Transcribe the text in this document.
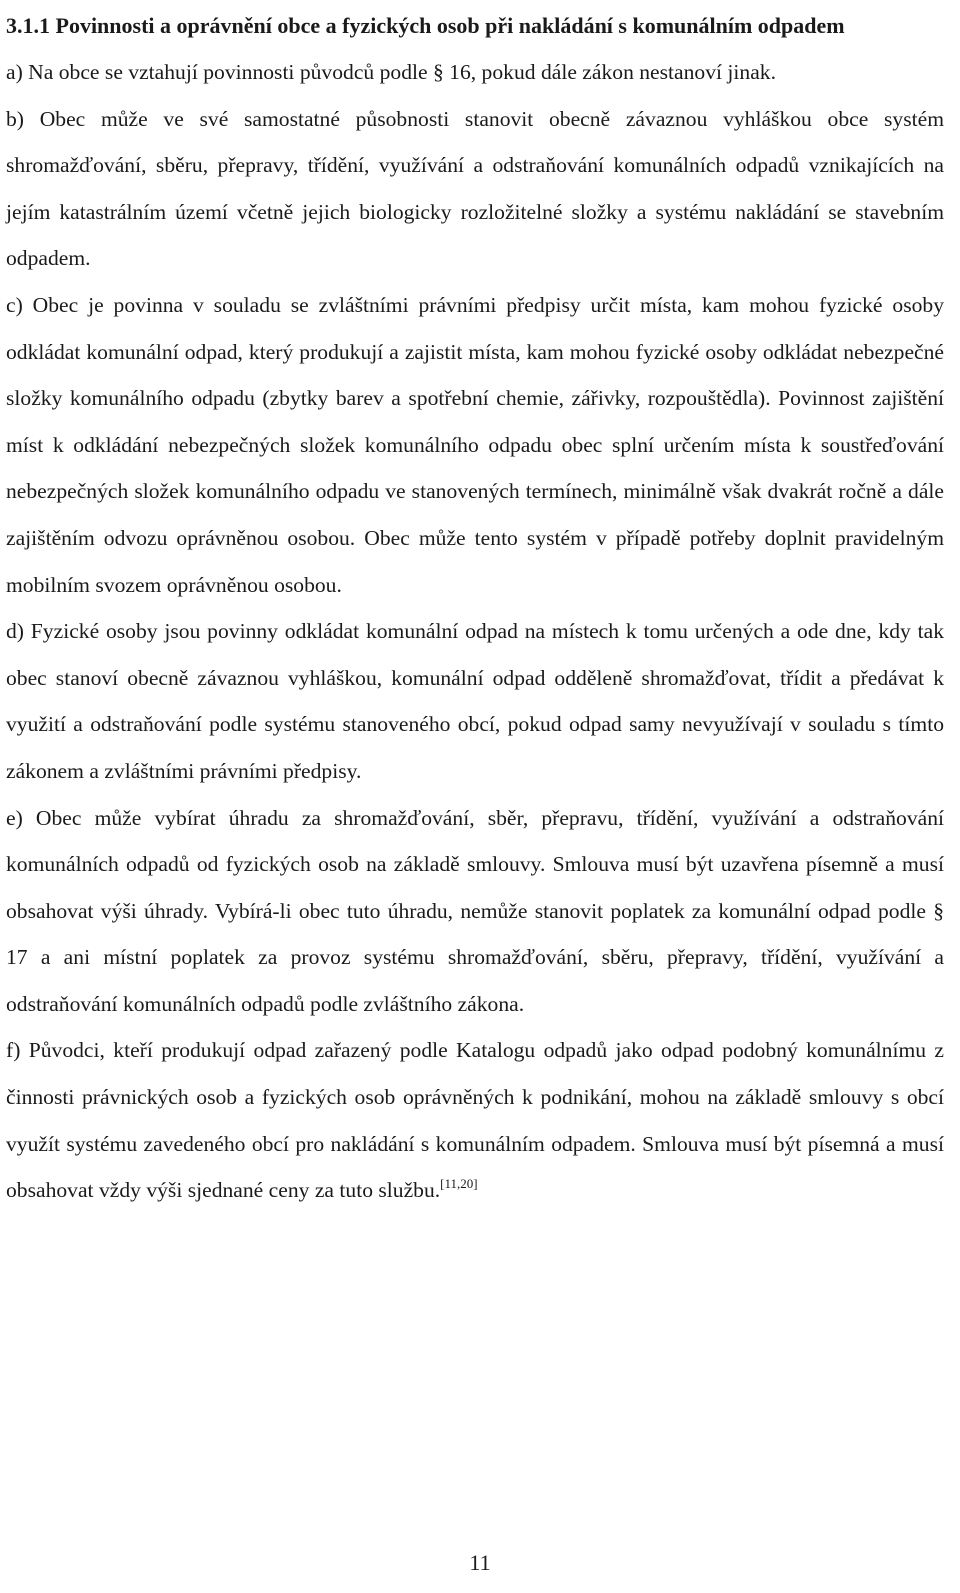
3.1.1 Povinnosti a oprávnění obce a fyzických osob při nakládání s komunálním odpadem

a) Na obce se vztahují povinnosti původců podle § 16, pokud dále zákon nestanoví jinak.

b) Obec může ve své samostatné působnosti stanovit obecně závaznou vyhláškou obce systém shromažďování, sběru, přepravy, třídění, využívání a odstraňování komunálních odpadů vznikajících na jejím katastrálním území včetně jejich biologicky rozložitelné složky a systému nakládání se stavebním odpadem.

c) Obec je povinna v souladu se zvláštními právními předpisy určit místa, kam mohou fyzické osoby odkládat komunální odpad, který produkují a zajistit místa, kam mohou fyzické osoby odkládat nebezpečné složky komunálního odpadu (zbytky barev a spotřební chemie, zářivky, rozpouštědla). Povinnost zajištění míst k odkládání nebezpečných složek komunálního odpadu obec splní určením místa k soustřeďování nebezpečných složek komunálního odpadu ve stanovených termínech, minimálně však dvakrát ročně a dále zajištěním odvozu oprávněnou osobou. Obec může tento systém v případě potřeby doplnit pravidelným mobilním svozem oprávněnou osobou.

d) Fyzické osoby jsou povinny odkládat komunální odpad na místech k tomu určených a ode dne, kdy tak obec stanoví obecně závaznou vyhláškou, komunální odpad odděleně shromažďovat, třídit a předávat k využití a odstraňování podle systému stanoveného obcí, pokud odpad samy nevyužívají v souladu s tímto zákonem a zvláštními právními předpisy.

e) Obec může vybírat úhradu za shromažďování, sběr, přepravu, třídění, využívání a odstraňování komunálních odpadů od fyzických osob na základě smlouvy. Smlouva musí být uzavřena písemně a musí obsahovat výši úhrady. Vybírá-li obec tuto úhradu, nemůže stanovit poplatek za komunální odpad podle § 17 a ani místní poplatek za provoz systému shromažďování, sběru, přepravy, třídění, využívání a odstraňování komunálních odpadů podle zvláštního zákona.

f) Původci, kteří produkují odpad zařazený podle Katalogu odpadů jako odpad podobný komunálnímu z činnosti právnických osob a fyzických osob oprávněných k podnikání, mohou na základě smlouvy s obcí využít systému zavedeného obcí pro nakládání s komunálním odpadem. Smlouva musí být písemná a musí obsahovat vždy výši sjednané ceny za tuto službu.[11,20]

11
